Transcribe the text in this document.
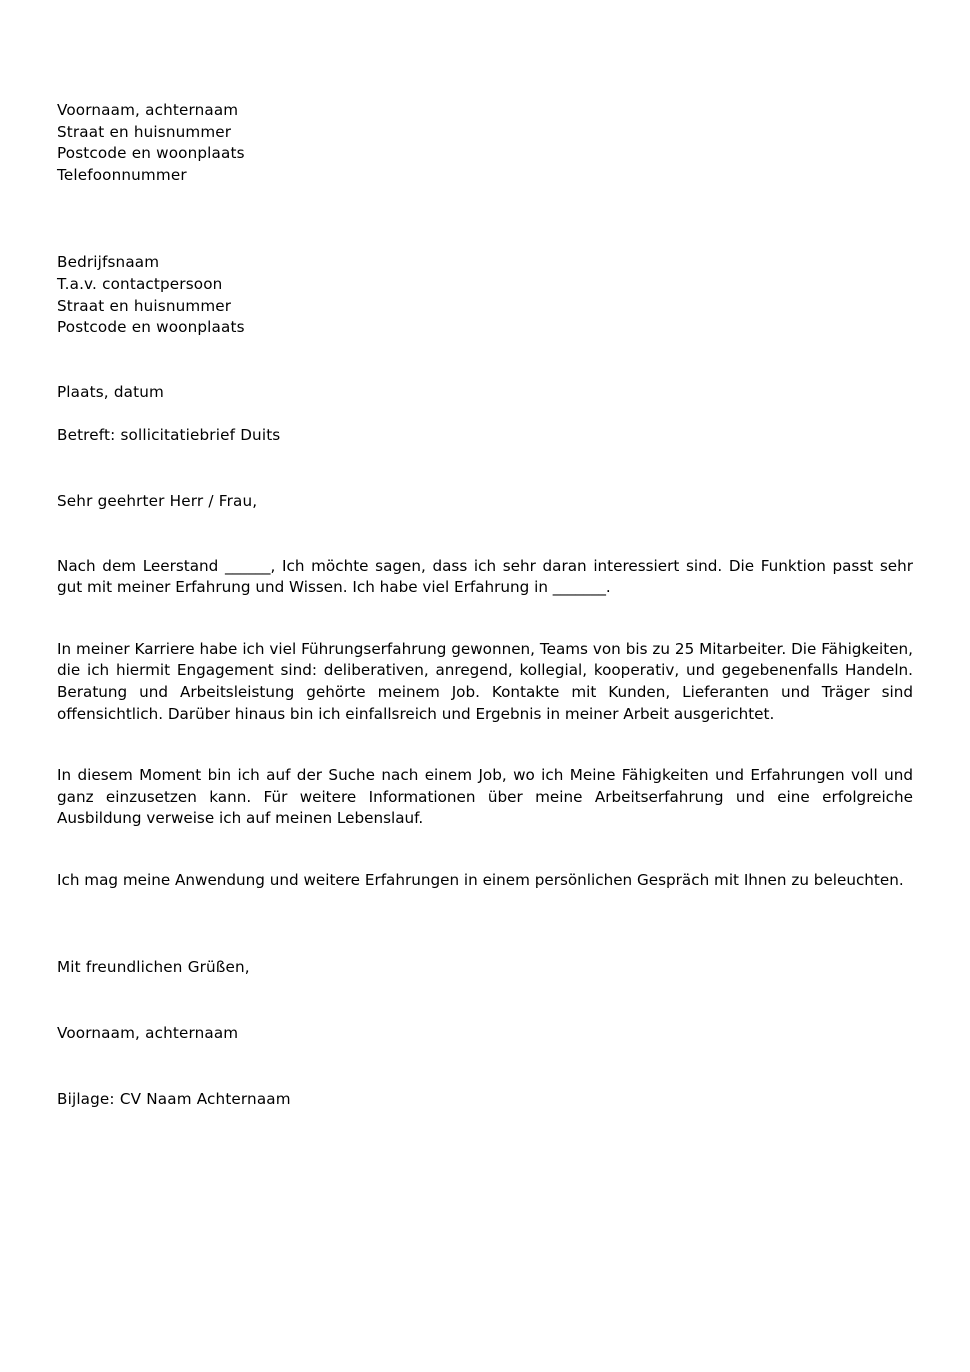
Voornaam, achternaam
Straat en huisnummer
Postcode en woonplaats
Telefoonnummer
Bedrijfsnaam
T.a.v. contactpersoon
Straat en huisnummer
Postcode en woonplaats
Plaats, datum
Betreft: sollicitatiebrief Duits
Sehr geehrter Herr / Frau,

Nach dem Leerstand ______, Ich möchte sagen, dass ich sehr daran interessiert sind. Die Funktion passt sehr gut mit meiner Erfahrung und Wissen. Ich habe viel Erfahrung in _______.

In meiner Karriere habe ich viel Führungserfahrung gewonnen, Teams von bis zu 25 Mitarbeiter. Die Fähigkeiten, die ich hiermit Engagement sind: deliberativen, anregend, kollegial, kooperativ, und gegebenenfalls Handeln. Beratung und Arbeitsleistung gehörte meinem Job. Kontakte mit Kunden, Lieferanten und Träger sind offensichtlich. Darüber hinaus bin ich einfallsreich und Ergebnis in meiner Arbeit ausgerichtet.

In diesem Moment bin ich auf der Suche nach einem Job, wo ich Meine Fähigkeiten und Erfahrungen voll und ganz einzusetzen kann. Für weitere Informationen über meine Arbeitserfahrung und eine erfolgreiche Ausbildung verweise ich auf meinen Lebenslauf.

Ich mag meine Anwendung und weitere Erfahrungen in einem persönlichen Gespräch mit Ihnen zu beleuchten.

Mit freundlichen Grüßen,
Voornaam, achternaam
Bijlage: CV Naam Achternaam
